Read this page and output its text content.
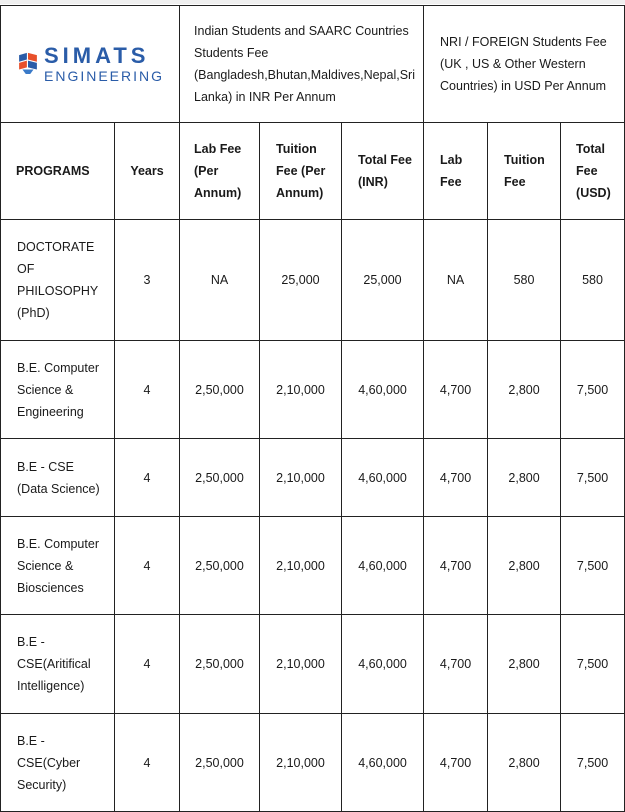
SIMATS
ENGINEERING		Indian Students and SAARC Countries Students Fee (Bangladesh,Bhutan,Maldives,Nepal,Sri Lanka) in INR Per Annum			NRI / FOREIGN Students Fee (UK , US & Other Western Countries) in USD Per Annum		
PROGRAMS	Years	Lab Fee (Per Annum)	Tuition Fee (Per Annum)	Total Fee (INR)	Lab Fee	Tuition Fee	Total Fee (USD)
DOCTORATE OF PHILOSOPHY (PhD)	3	NA	25,000	25,000	NA	580	580
B.E. Computer Science & Engineering	4	2,50,000	2,10,000	4,60,000	4,700	2,800	7,500
B.E - CSE (Data Science)	4	2,50,000	2,10,000	4,60,000	4,700	2,800	7,500
B.E. Computer Science & Biosciences	4	2,50,000	2,10,000	4,60,000	4,700	2,800	7,500
B.E - CSE(Aritifical Intelligence)	4	2,50,000	2,10,000	4,60,000	4,700	2,800	7,500
B.E - CSE(Cyber Security)	4	2,50,000	2,10,000	4,60,000	4,700	2,800	7,500
